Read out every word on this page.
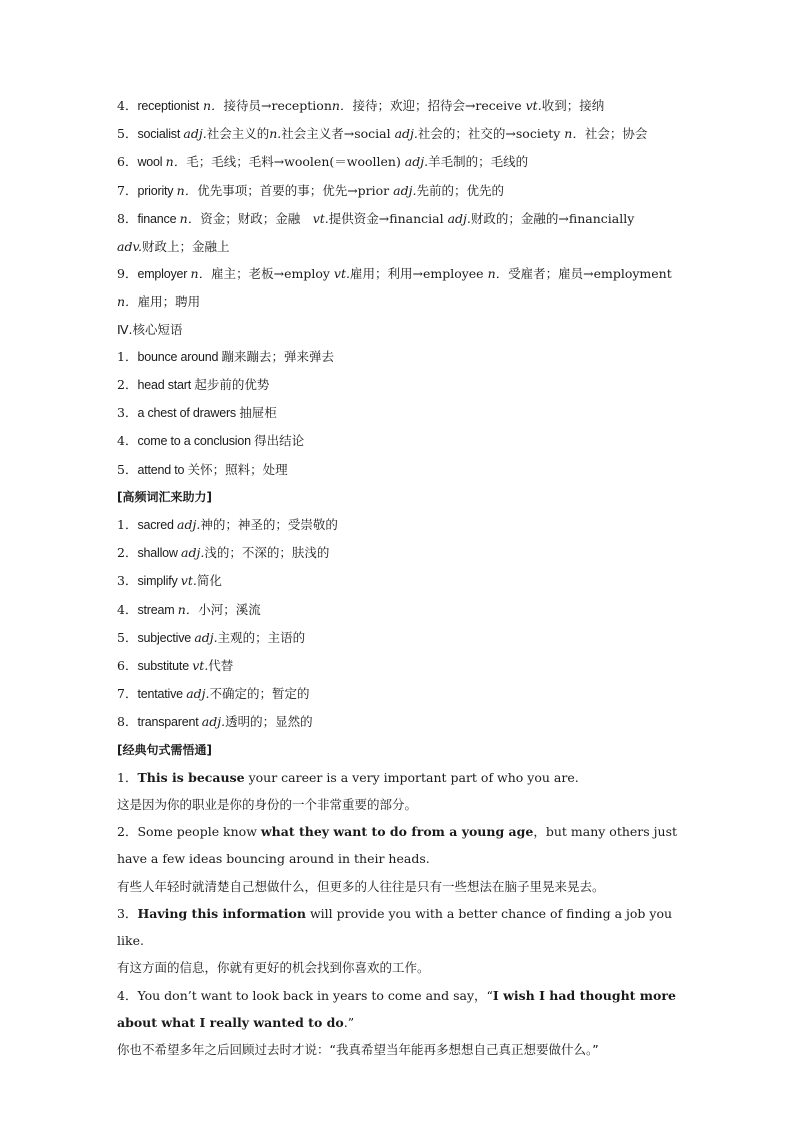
4．receptionist n．接待员→receptionn．接待；欢迎；招待会→receive vt.收到；接纳
5．socialist adj.社会主义的n.社会主义者→social adj.社会的；社交的→society n．社会；协会
6．wool n．毛；毛线；毛料→woolen(＝woollen) adj.羊毛制的；毛线的
7．priority n．优先事项；首要的事；优先→prior adj.先前的；优先的
8．finance n．资金；财政；金融　vt.提供资金→financial adj.财政的；金融的→financially
adv.财政上；金融上
9．employer n．雇主；老板→employ vt.雇用；利用→employee n．受雇者；雇员→employment
n．雇用；聘用
Ⅳ.核心短语
1．bounce around 蹦来蹦去；弹来弹去
2．head start 起步前的优势
3．a chest of drawers 抽屉柜
4．come to a conclusion 得出结论
5．attend to 关怀；照料；处理
[高频词汇来助力]
1．sacred adj.神的；神圣的；受崇敬的
2．shallow adj.浅的；不深的；肤浅的
3．simplify vt.简化
4．stream n．小河；溪流
5．subjective adj.主观的；主语的
6．substitute vt.代替
7．tentative adj.不确定的；暂定的
8．transparent adj.透明的；显然的
[经典句式需悟通]
1．This is because your career is a very important part of who you are.
这是因为你的职业是你的身份的一个非常重要的部分。
2．Some people know what they want to do from a young age，but many others just have a few ideas bouncing around in their heads.
有些人年轻时就清楚自己想做什么，但更多的人往往是只有一些想法在脑子里晃来晃去。
3．Having this information will provide you with a better chance of finding a job you like.
有这方面的信息，你就有更好的机会找到你喜欢的工作。
4．You don’t want to look back in years to come and say，“I wish I had thought more about what I really wanted to do.”
你也不希望多年之后回顾过去时才说：“我真希望当年能再多想想自己真正想要做什么。”
